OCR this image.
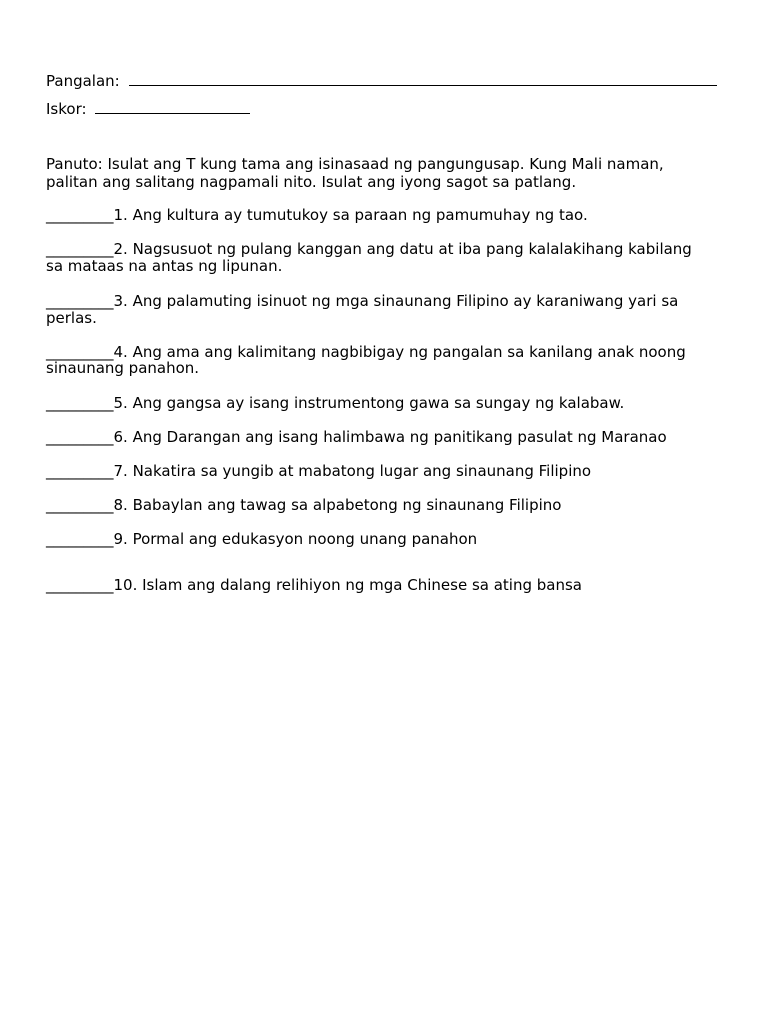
Pangalan:
Iskor:
Panuto: Isulat ang T kung tama ang isinasaad ng pangungusap. Kung Mali naman,
palitan ang salitang nagpamali nito. Isulat ang iyong sagot sa patlang.
_________1. Ang kultura ay tumutukoy sa paraan ng pamumuhay ng tao.
_________2. Nagsusuot ng pulang kanggan ang datu at iba pang kalalakihang kabilang
sa mataas na antas ng lipunan.
_________3. Ang palamuting isinuot ng mga sinaunang Filipino ay karaniwang yari sa
perlas.
_________4. Ang ama ang kalimitang nagbibigay ng pangalan sa kanilang anak noong
sinaunang panahon.
_________5. Ang gangsa ay isang instrumentong gawa sa sungay ng kalabaw.
_________6. Ang Darangan ang isang halimbawa ng panitikang pasulat ng Maranao
_________7. Nakatira sa yungib at mabatong lugar ang sinaunang Filipino
_________8. Babaylan ang tawag sa alpabetong ng sinaunang Filipino
_________9. Pormal ang edukasyon noong unang panahon
_________10. Islam ang dalang relihiyon ng mga Chinese sa ating bansa
